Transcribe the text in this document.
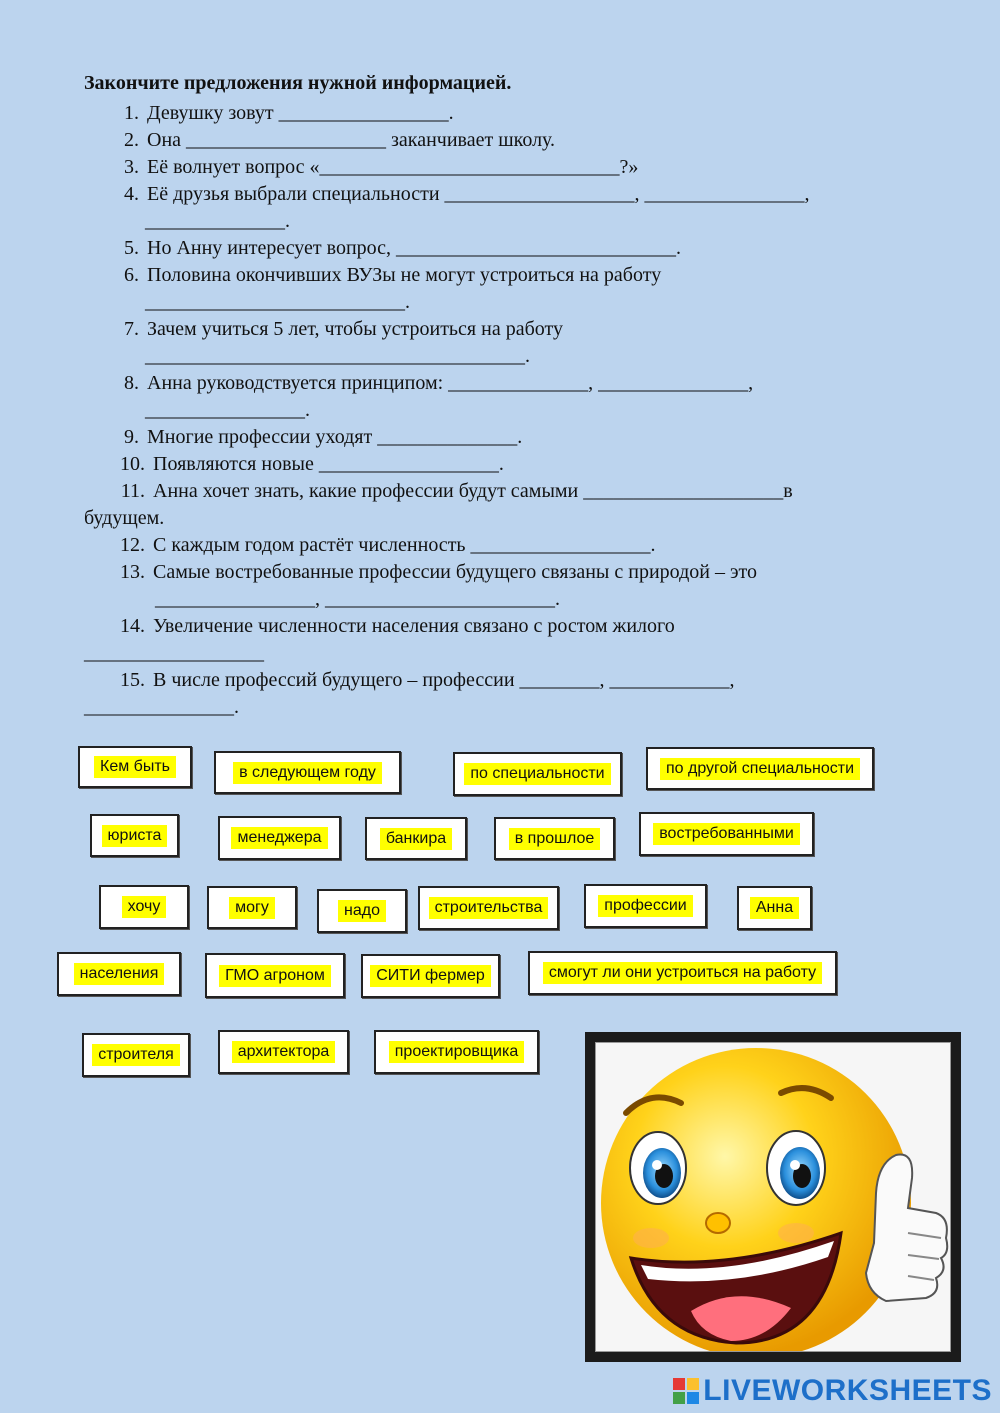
Закончите предложения нужной информацией.
1. Девушку зовут _________________.
2. Она ____________________ заканчивает школу.
3. Её волнует вопрос «______________________________?»
4. Её друзья выбрали специальности ___________________, ________________,
______________.
5. Но Анну интересует вопрос, ____________________________.
6. Половина окончивших ВУЗы не могут устроиться на работу
__________________________.
7. Зачем учиться 5 лет, чтобы устроиться на работу
______________________________________.
8. Анна руководствуется принципом: ______________, _______________,
________________.
9. Многие профессии уходят ______________.
10. Появляются новые __________________.
11. Анна хочет знать, какие профессии будут самыми ____________________в
будущем.
12. С каждым годом растёт численность __________________.
13. Самые востребованные профессии будущего связаны с природой – это
________________, _______________________.
14. Увеличение численности населения связано с ростом жилого
__________________
15. В числе профессий будущего – профессии ________, ____________,
_______________.
Кем быть	в следующем году	по специальности	по другой специальности
юриста	менеджера	банкира	в прошлое	востребованными
хочу	могу	надо	строительства	профессии	Анна
населения	ГМО агроном	СИТИ фермер	смогут ли они устроиться на работу
строителя	архитектора	проектировщика
LIVEWORKSHEETS
